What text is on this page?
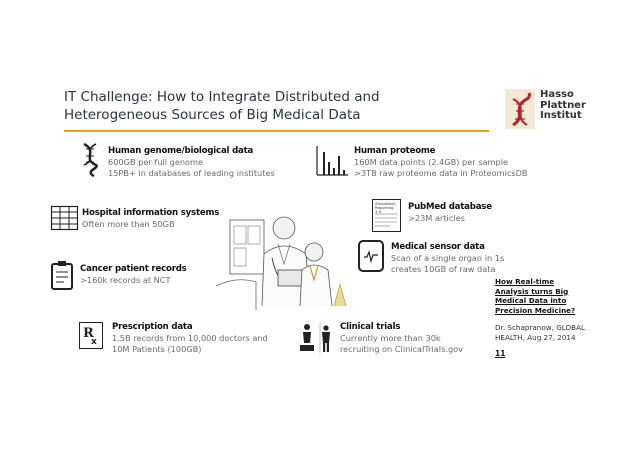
IT Challenge: How to Integrate Distributed and
Heterogeneous Sources of Big Medical Data
Hasso
Plattner
Institut
Human genome/biological data
600GB per full genome
15PB+ in databases of leading institutes
Human proteome
160M data points (2.4GB) per sample
>3TB raw proteome data in ProteomicsDB
Hospital information systems
Often more than 50GB
Annotation
Reporting 4.9	PubMed database
>23M articles
Medical sensor data
Scan of a single organ in 1s
creates 10GB of raw data
Cancer patient records
>160k records at NCT
R
x
Prescription data
1.5B records from 10,000 doctors and
10M Patients (100GB)
Clinical trials
Currently more than 30k
recruiting on ClinicalTrials.gov
How Real-time
Analysis turns Big
Medical Data into
Precision Medicine?
Dr. Schapranow, GLOBAL
HEALTH, Aug 27, 2014
11
